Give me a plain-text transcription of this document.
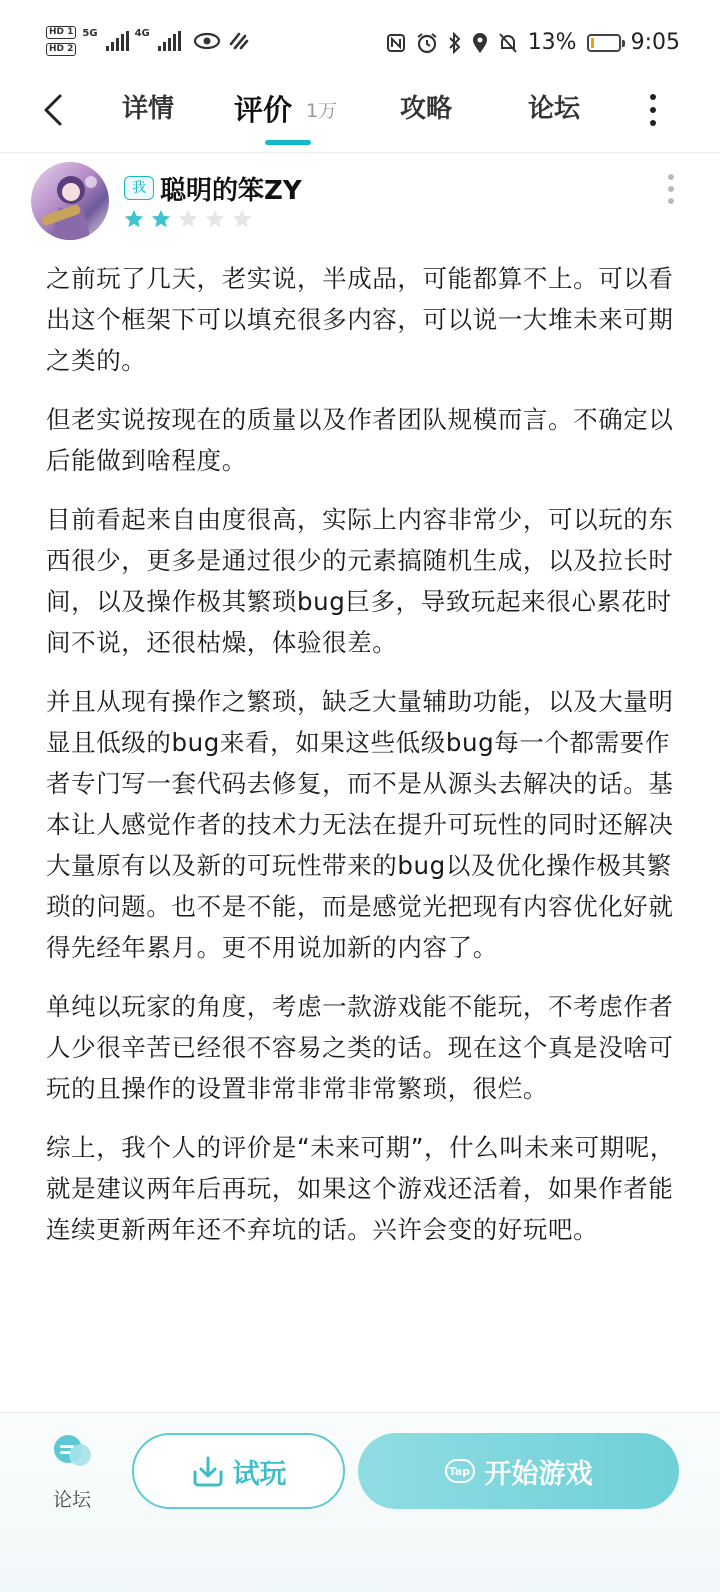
HD 1
HD 2
5G	4G	13% 9:05
详情 评价 1万 攻略	论坛
我 聪明的笨ZY

之前玩了几天，老实说，半成品，可能都算不上。可以看出这个框架下可以填充很多内容，可以说一大堆未来可期之类的。

但老实说按现在的质量以及作者团队规模而言。不确定以后能做到啥程度。

目前看起来自由度很高，实际上内容非常少，可以玩的东西很少，更多是通过很少的元素搞随机生成，以及拉长时间，以及操作极其繁琐bug巨多，导致玩起来很心累花时间不说，还很枯燥，体验很差。

并且从现有操作之繁琐，缺乏大量辅助功能，以及大量明显且低级的bug来看，如果这些低级bug每一个都需要作者专门写一套代码去修复，而不是从源头去解决的话。基本让人感觉作者的技术力无法在提升可玩性的同时还解决大量原有以及新的可玩性带来的bug以及优化操作极其繁琐的问题。也不是不能，而是感觉光把现有内容优化好就得先经年累月。更不用说加新的内容了。

单纯以玩家的角度，考虑一款游戏能不能玩，不考虑作者人少很辛苦已经很不容易之类的话。现在这个真是没啥可玩的且操作的设置非常非常非常繁琐，很烂。

综上，我个人的评价是“未来可期”，什么叫未来可期呢，就是建议两年后再玩，如果这个游戏还活着，如果作者能连续更新两年还不弃坑的话。兴许会变的好玩吧。

论坛
试玩	Tap 开始游戏
